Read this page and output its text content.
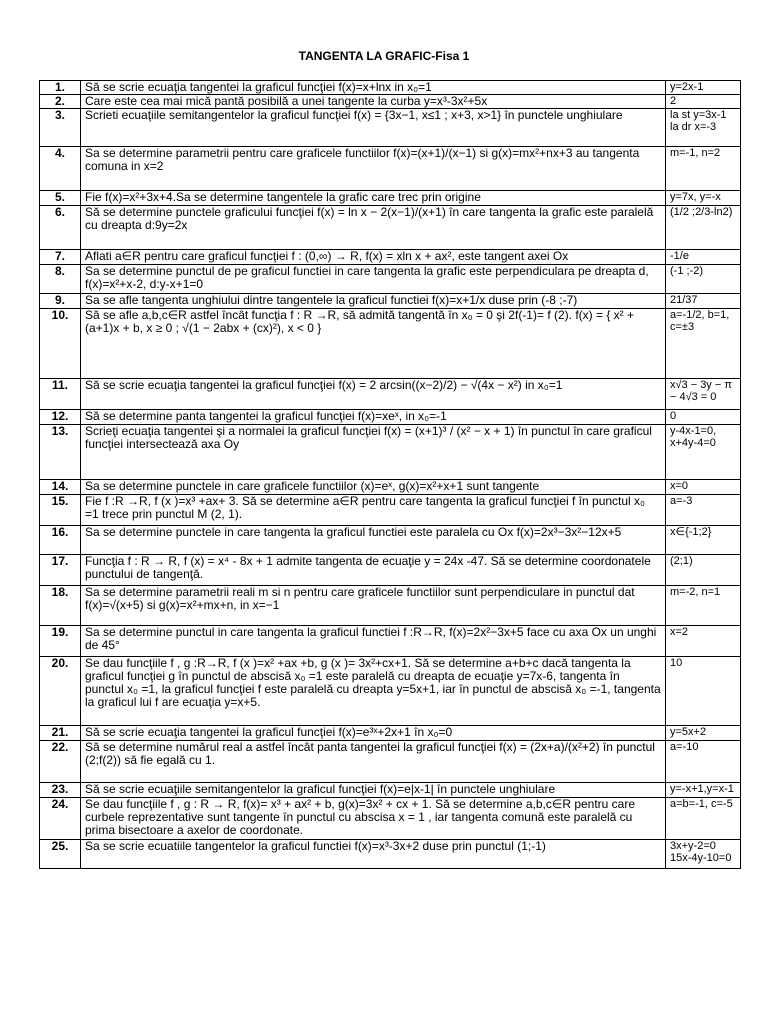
TANGENTA LA GRAFIC-Fisa 1
1.	Să se scrie ecuaţia tangentei la graficul funcţiei f(x)=x+lnx in x₀=1	y=2x-1
2.	Care este cea mai mică pantă posibilă a unei tangente la curba y=x³-3x²+5x	2
3.	Scrieti ecuaţiile semitangentelor la graficul funcţiei f(x) = {3x−1, x≤1 ; x+3, x>1} în punctele unghiulare	la st y=3x-1
la dr x=-3
4.	Sa se determine parametrii pentru care graficele functiilor f(x)=(x+1)/(x−1) si g(x)=mx²+nx+3 au tangenta comuna in x=2	m=-1, n=2
5.	Fie f(x)=x²+3x+4.Sa se determine tangentele la grafic care trec prin origine	y=7x, y=-x
6.	Să se determine punctele graficului funcţiei f(x) = ln x − 2(x−1)/(x+1) în care tangenta la grafic este paralelă cu dreapta d:9y=2x	(1/2 ;2/3-ln2)
7.	Aflati a∈R pentru care graficul funcţiei f : (0,∞) → R, f(x) = xln x + ax², este tangent axei Ox	-1/e
8.	Sa se determine punctul de pe graficul functiei in care tangenta la grafic este perpendiculara pe dreapta d, f(x)=x²+x-2, d:y-x+1=0	(-1 ;-2)
9.	Sa se afle tangenta unghiului dintre tangentele la graficul functiei f(x)=x+1/x duse prin (-8 ;-7)	21/37
10.	Să se afle a,b,c∈R astfel încât funcţia f : R →R, să admită tangentă în x₀ = 0 şi 2f(-1)= f (2). f(x) = { x² + (a+1)x + b, x ≥ 0 ; √(1 − 2abx + (cx)²), x < 0 }	a=-1/2, b=1, c=±3
11.	Să se scrie ecuaţia tangentei la graficul funcţiei f(x) = 2 arcsin((x−2)/2) − √(4x − x²) in x₀=1	x√3 − 3y − π − 4√3 = 0
12.	Să se determine panta tangentei la graficul funcţiei f(x)=xeˣ, in x₀=-1	0
13.	Scrieţi ecuaţia tangentei şi a normalei la graficul funcţiei f(x) = (x+1)³ / (x² − x + 1) în punctul în care graficul funcţiei intersectează axa Oy	y-4x-1=0,
x+4y-4=0
14.	Sa se determine punctele in care graficele functiilor (x)=eˣ, g(x)=x²+x+1 sunt tangente	x=0
15.	Fie f :R →R, f (x )=x³ +ax+ 3. Să se determine a∈R pentru care tangenta la graficul funcţiei f în punctul x₀ =1 trece prin punctul M (2, 1).	a=-3
16.	Sa se determine punctele in care tangenta la graficul functiei este paralela cu Ox f(x)=2x³−3x²−12x+5	x∈{-1;2}
17.	Funcţia f : R → R, f (x) = x⁴ - 8x + 1 admite tangenta de ecuaţie y = 24x -47. Să se determine coordonatele punctului de tangenţă.	(2;1)
18.	Sa se determine parametrii reali m si n pentru care graficele functiilor sunt perpendiculare in punctul dat f(x)=√(x+5) si g(x)=x²+mx+n, in x=−1	m=-2, n=1
19.	Sa se determine punctul in care tangenta la graficul functiei f :R→R, f(x)=2x²−3x+5 face cu axa Ox un unghi de 45°	x=2
20.	Se dau funcţiile f , g :R→R, f (x )=x² +ax +b, g (x )= 3x²+cx+1. Să se determine a+b+c dacă tangenta la graficul funcţiei g în punctul de abscisă x₀ =1 este paralelă cu dreapta de ecuaţie y=7x-6, tangenta în punctul x₀ =1, la graficul funcţiei f este paralelă cu dreapta y=5x+1, iar în punctul de abscisă x₀ =-1, tangenta la graficul lui f are ecuaţia y=x+5.	10
21.	Să se scrie ecuaţia tangentei la graficul funcţiei f(x)=e³ˣ+2x+1 în x₀=0	y=5x+2
22.	Să se determine numărul real a astfel încât panta tangentei la graficul funcţiei f(x) = (2x+a)/(x²+2) în punctul (2;f(2)) să fie egală cu 1.	a=-10
23.	Să se scrie ecuaţiile semitangentelor la graficul funcţiei f(x)=e|x-1| în punctele unghiulare	y=-x+1,y=x-1
24.	Se dau funcţiile f , g : R → R, f(x)= x³ + ax² + b, g(x)=3x² + cx + 1. Să se determine a,b,c∈R pentru care curbele reprezentative sunt tangente în punctul cu abscisa x = 1 , iar tangenta comună este paralelă cu prima bisectoare a axelor de coordonate.	a=b=-1, c=-5
25.	Sa se scrie ecuatiile tangentelor la graficul functiei f(x)=x³-3x+2 duse prin punctul (1;-1)	3x+y-2=0
15x-4y-10=0
